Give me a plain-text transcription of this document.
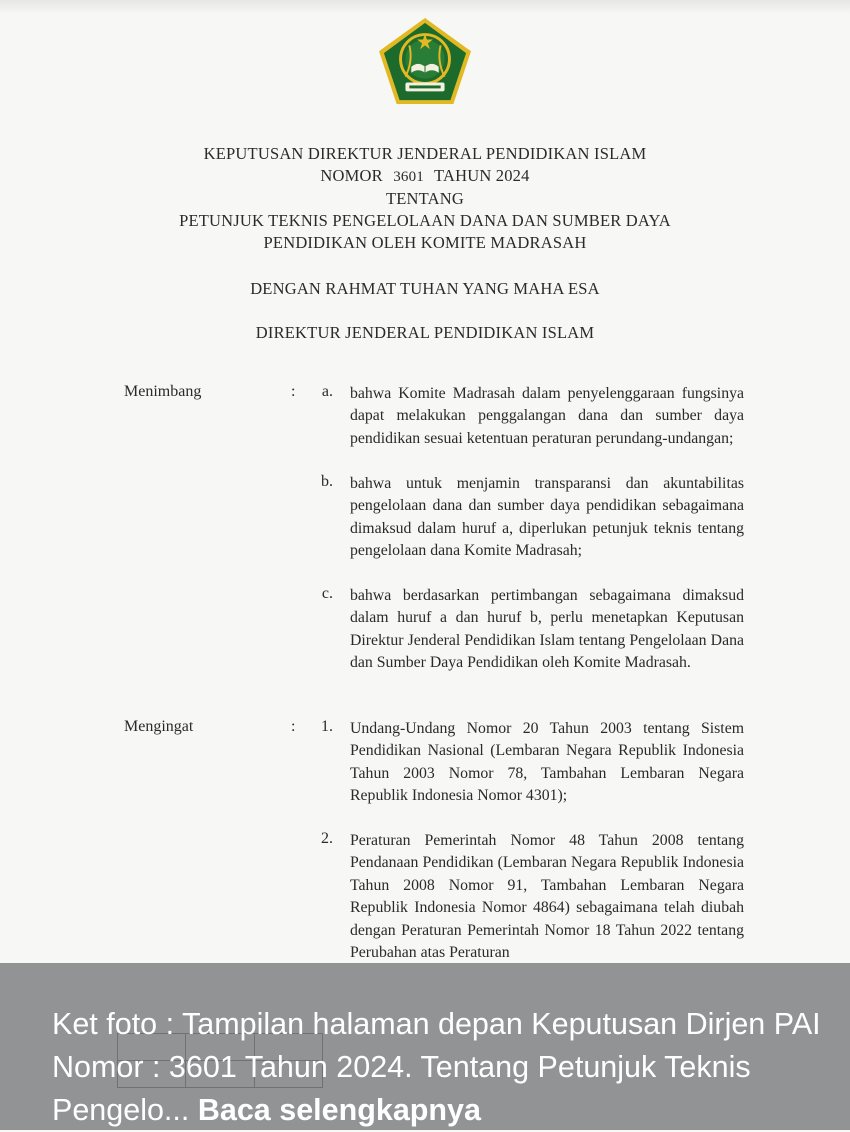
KEPUTUSAN DIREKTUR JENDERAL PENDIDIKAN ISLAM
NOMOR 3601 TAHUN 2024
TENTANG
PETUNJUK TEKNIS PENGELOLAAN DANA DAN SUMBER DAYA
PENDIDIKAN OLEH KOMITE MADRASAH
DENGAN RAHMAT TUHAN YANG MAHA ESA
DIREKTUR JENDERAL PENDIDIKAN ISLAM
Menimbang	: a. bahwa Komite Madrasah dalam penyelenggaraan fungsinya dapat melakukan penggalangan dana dan sumber daya pendidikan sesuai ketentuan peraturan perundang-undangan;
b. bahwa untuk menjamin transparansi dan akuntabilitas pengelolaan dana dan sumber daya pendidikan sebagaimana dimaksud dalam huruf a, diperlukan petunjuk teknis tentang pengelolaan dana Komite Madrasah;
c. bahwa berdasarkan pertimbangan sebagaimana dimaksud dalam huruf a dan huruf b, perlu menetapkan Keputusan Direktur Jenderal Pendidikan Islam tentang Pengelolaan Dana dan Sumber Daya Pendidikan oleh Komite Madrasah.
Mengingat	: 1. Undang-Undang Nomor 20 Tahun 2003 tentang Sistem Pendidikan Nasional (Lembaran Negara Republik Indonesia Tahun 2003 Nomor 78, Tambahan Lembaran Negara Republik Indonesia Nomor 4301);
2. Peraturan Pemerintah Nomor 48 Tahun 2008 tentang Pendanaan Pendidikan (Lembaran Negara Republik Indonesia Tahun 2008 Nomor 91, Tambahan Lembaran Negara Republik Indonesia Nomor 4864) sebagaimana telah diubah dengan Peraturan Pemerintah Nomor 18 Tahun 2022 tentang Perubahan atas Peraturan

Ket foto : Tampilan halaman depan Keputusan Dirjen PAI Nomor : 3601 Tahun 2024. Tentang Petunjuk Teknis Pengelo... Baca selengkapnya
